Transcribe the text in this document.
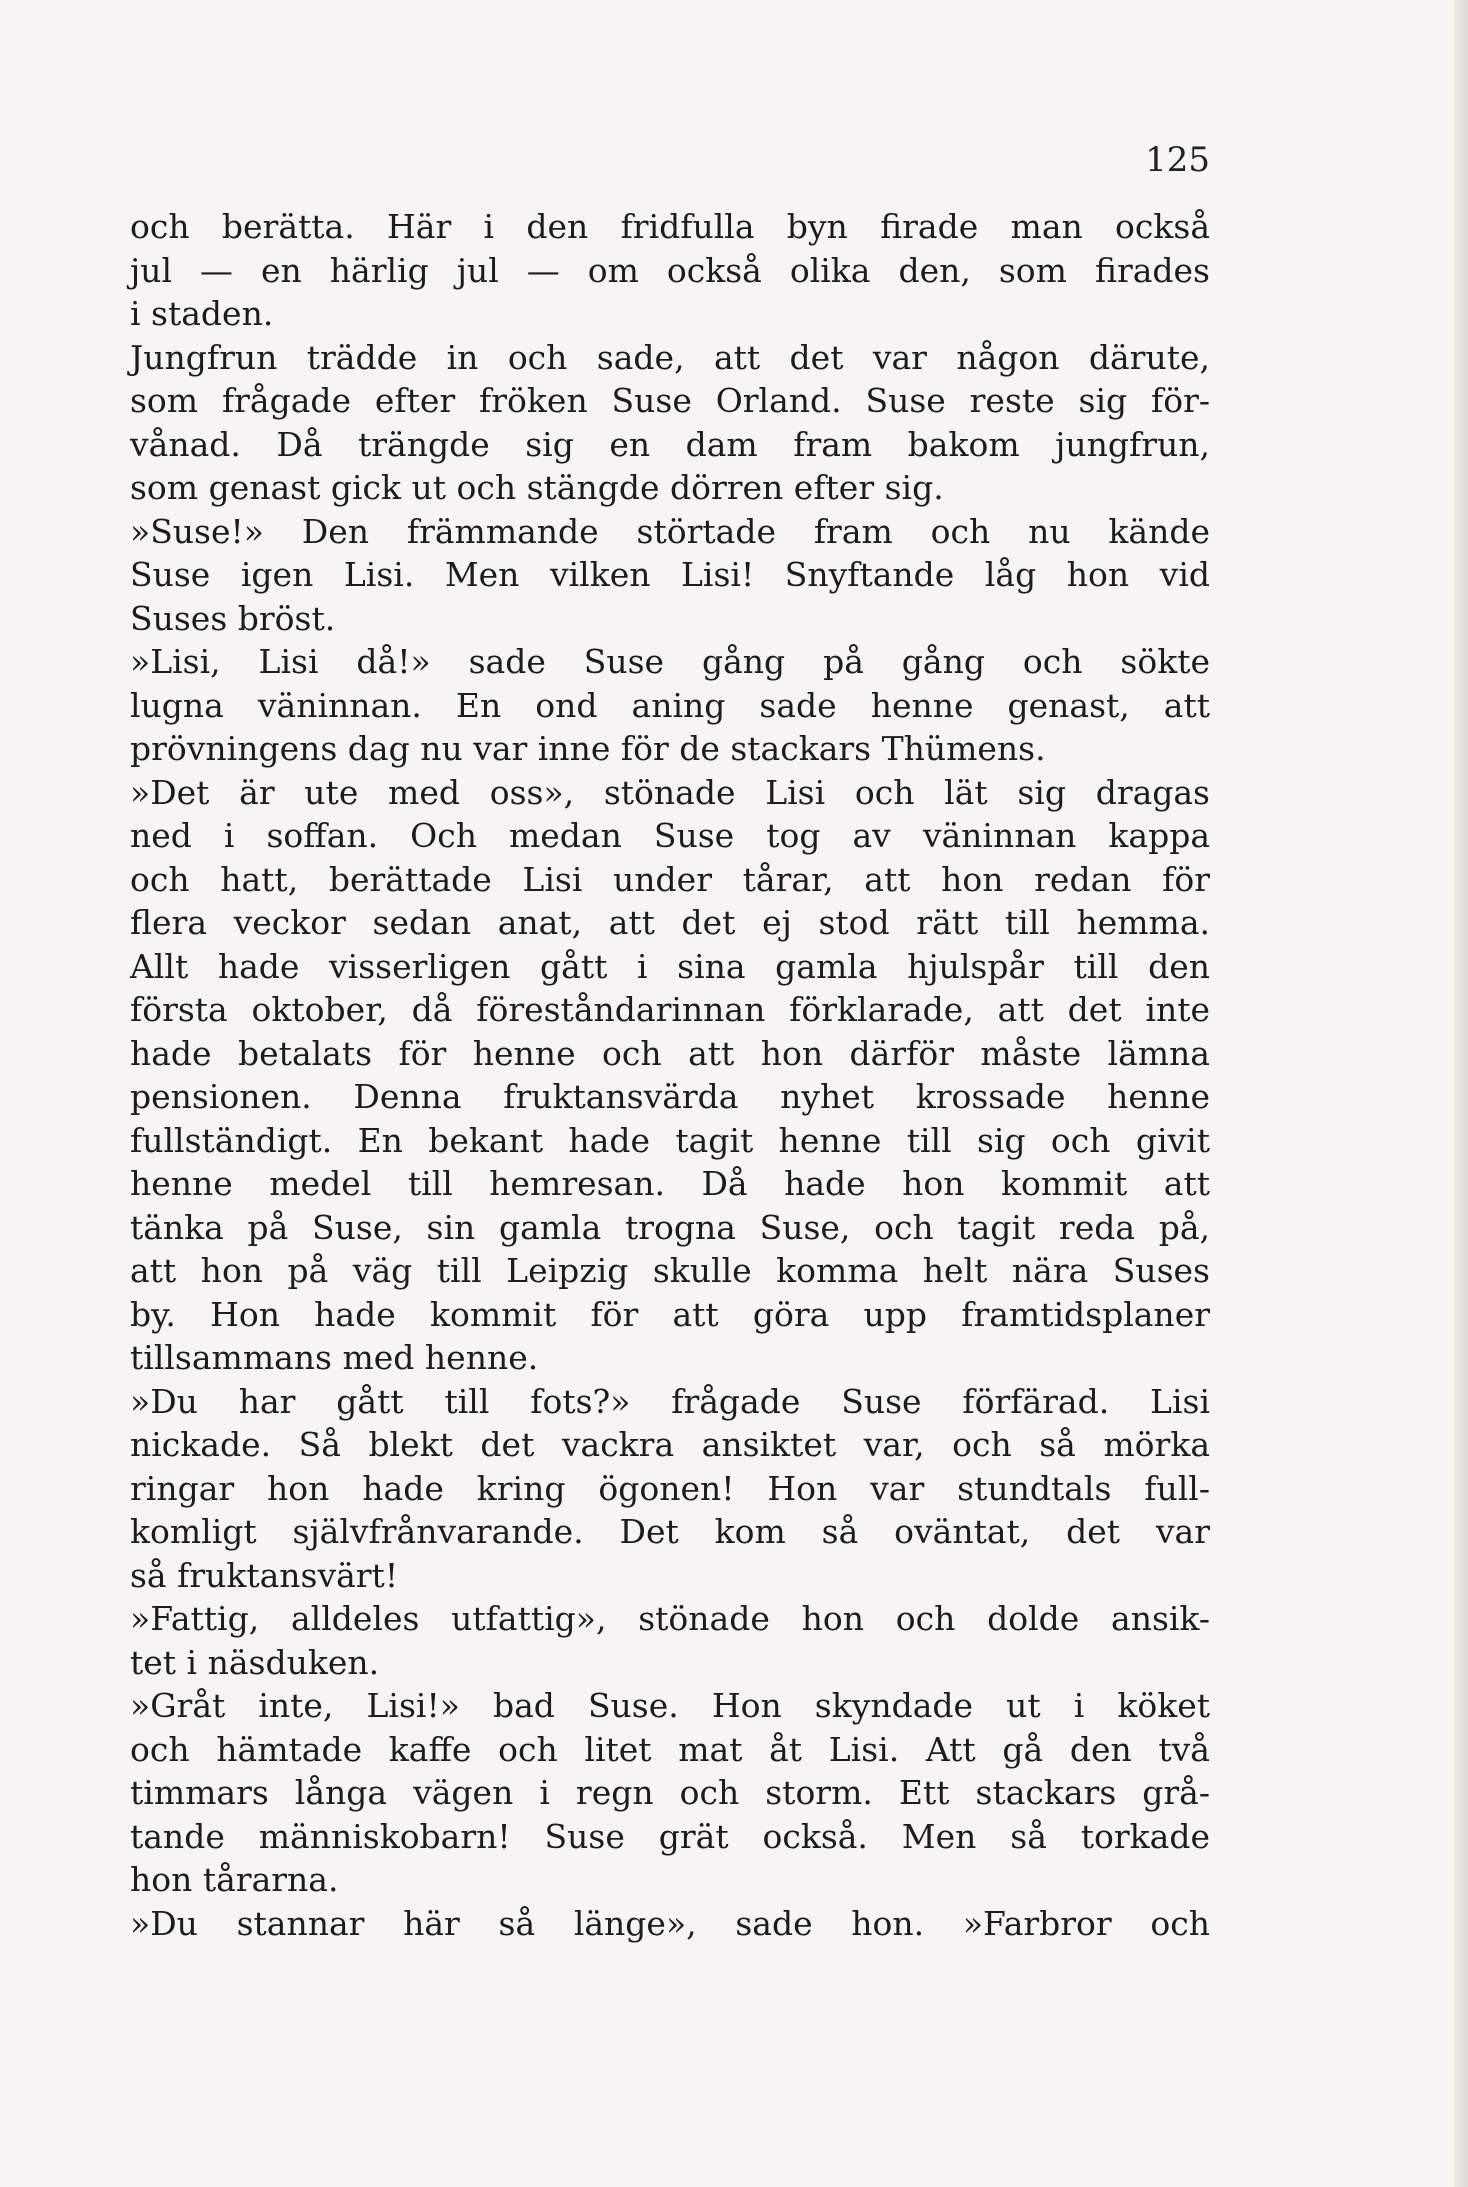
125
och berätta. Här i den fridfulla byn firade man också
jul — en härlig jul — om också olika den, som firades
i staden.
Jungfrun trädde in och sade, att det var någon därute,
som frågade efter fröken Suse Orland. Suse reste sig för-
vånad. Då trängde sig en dam fram bakom jungfrun,
som genast gick ut och stängde dörren efter sig.
»Suse!» Den främmande störtade fram och nu kände
Suse igen Lisi. Men vilken Lisi! Snyftande låg hon vid
Suses bröst.
»Lisi, Lisi då!» sade Suse gång på gång och sökte
lugna väninnan. En ond aning sade henne genast, att
prövningens dag nu var inne för de stackars Thümens.
»Det är ute med oss», stönade Lisi och lät sig dragas
ned i soffan. Och medan Suse tog av väninnan kappa
och hatt, berättade Lisi under tårar, att hon redan för
flera veckor sedan anat, att det ej stod rätt till hemma.
Allt hade visserligen gått i sina gamla hjulspår till den
första oktober, då föreståndarinnan förklarade, att det inte
hade betalats för henne och att hon därför måste lämna
pensionen. Denna fruktansvärda nyhet krossade henne
fullständigt. En bekant hade tagit henne till sig och givit
henne medel till hemresan. Då hade hon kommit att
tänka på Suse, sin gamla trogna Suse, och tagit reda på,
att hon på väg till Leipzig skulle komma helt nära Suses
by. Hon hade kommit för att göra upp framtidsplaner
tillsammans med henne.
»Du har gått till fots?» frågade Suse förfärad. Lisi
nickade. Så blekt det vackra ansiktet var, och så mörka
ringar hon hade kring ögonen! Hon var stundtals full-
komligt självfrånvarande. Det kom så oväntat, det var
så fruktansvärt!
»Fattig, alldeles utfattig», stönade hon och dolde ansik-
tet i näsduken.
»Gråt inte, Lisi!» bad Suse. Hon skyndade ut i köket
och hämtade kaffe och litet mat åt Lisi. Att gå den två
timmars långa vägen i regn och storm. Ett stackars grå-
tande människobarn! Suse grät också. Men så torkade
hon tårarna.
»Du stannar här så länge», sade hon. »Farbror och
